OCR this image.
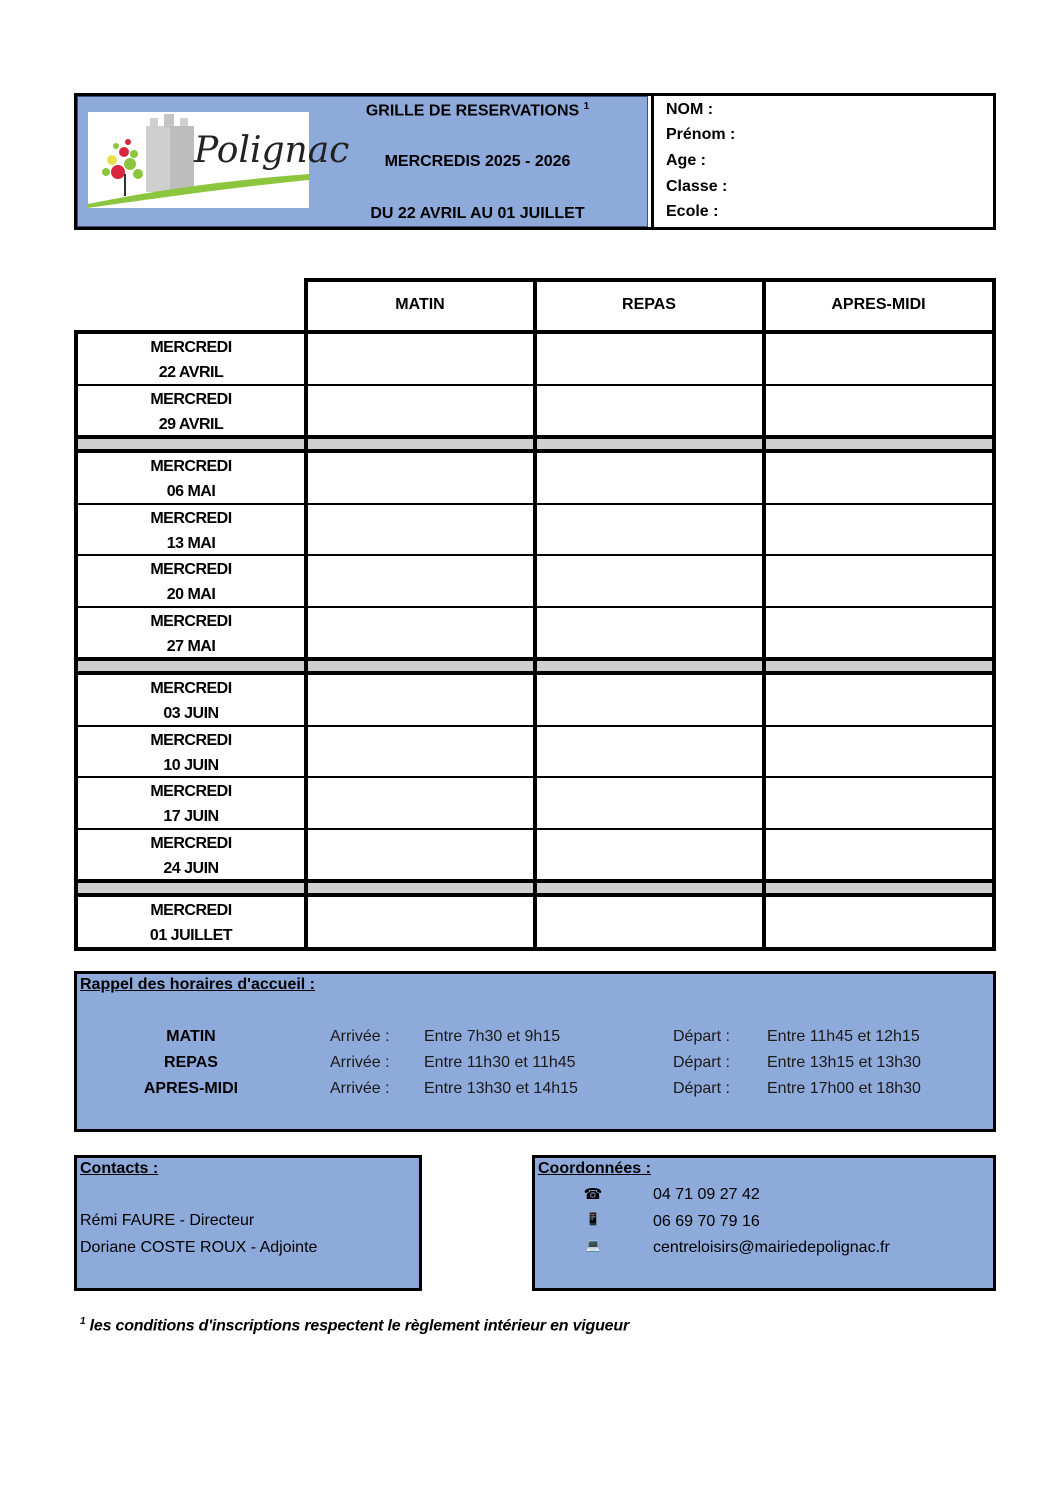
Polignac
GRILLE DE RESERVATIONS $^1$
MERCREDIS 2025 - 2026
DU 22 AVRIL AU 01 JUILLET
NOM :
Prénom :
Age :
Classe :
Ecole :
MATIN	REPAS	APRES-MIDI
MERCREDI
22 AVRIL
MERCREDI
29 AVRIL
MERCREDI
06 MAI
MERCREDI
13 MAI
MERCREDI
20 MAI
MERCREDI
27 MAI
MERCREDI
03 JUIN
MERCREDI
10 JUIN
MERCREDI
17 JUIN
MERCREDI
24 JUIN
MERCREDI
01 JUILLET
Rappel des horaires d'accueil :
MATIN	Arrivée : Entre 7h30 et 9h15	Départ : Entre 11h45 et 12h15
REPAS	Arrivée : Entre 11h30 et 11h45	Départ : Entre 13h15 et 13h30
APRES-MIDI	Arrivée : Entre 13h30 et 14h15	Départ : Entre 17h00 et 18h30
Contacts :
Rémi FAURE - Directeur
Doriane COSTE ROUX - Adjointe
Coordonnées :
☎	04 71 09 27 42
📱	06 69 70 79 16
💻	centreloisirs@mairiedepolignac.fr
$^1$ les conditions d'inscriptions respectent le règlement intérieur en vigueur
